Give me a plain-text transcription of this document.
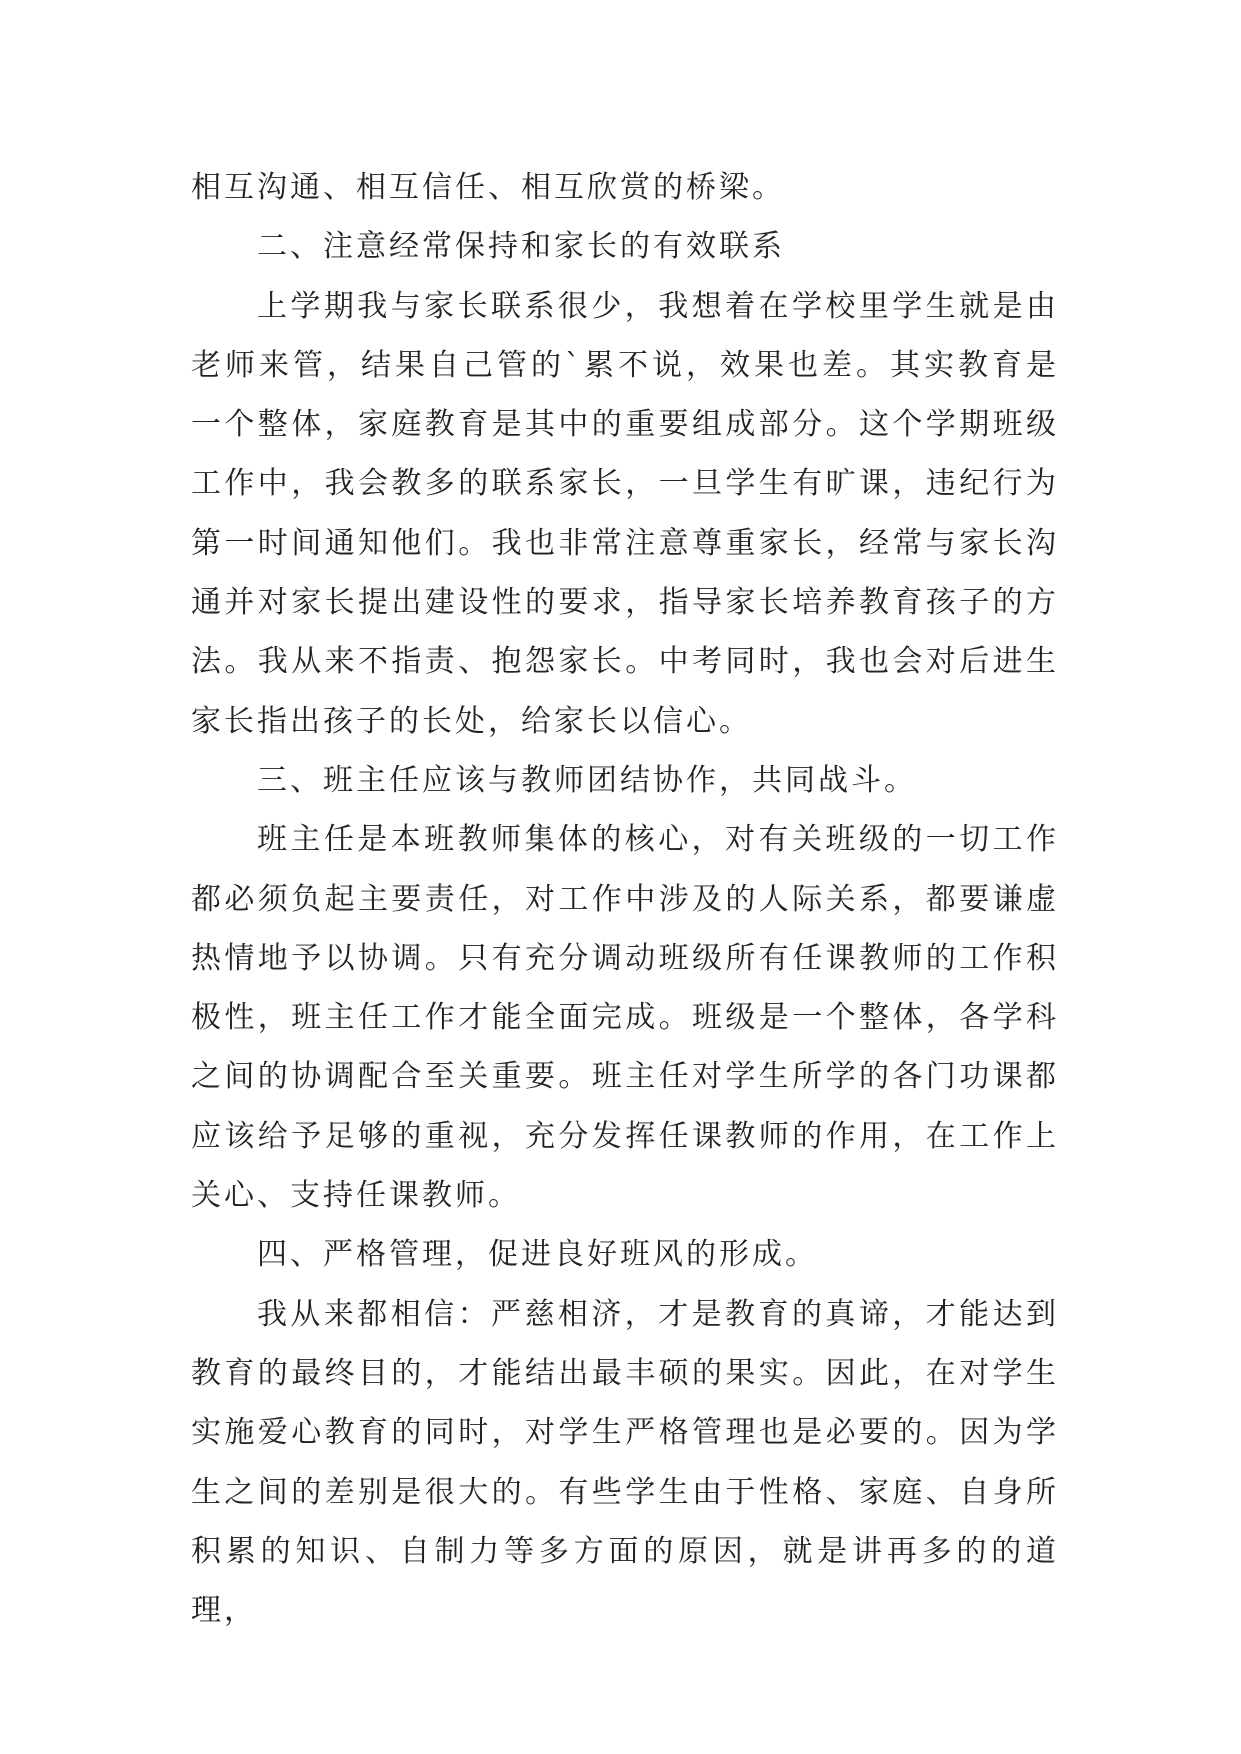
相互沟通、相互信任、相互欣赏的桥梁。

二、注意经常保持和家长的有效联系

上学期我与家长联系很少，我想着在学校里学生就是由老师来管，结果自己管的`累不说，效果也差。其实教育是一个整体，家庭教育是其中的重要组成部分。这个学期班级工作中，我会教多的联系家长，一旦学生有旷课，违纪行为第一时间通知他们。我也非常注意尊重家长，经常与家长沟通并对家长提出建设性的要求，指导家长培养教育孩子的方法。我从来不指责、抱怨家长。中考同时，我也会对后进生家长指出孩子的长处，给家长以信心。

三、班主任应该与教师团结协作，共同战斗。

班主任是本班教师集体的核心，对有关班级的一切工作都必须负起主要责任，对工作中涉及的人际关系，都要谦虚热情地予以协调。只有充分调动班级所有任课教师的工作积极性，班主任工作才能全面完成。班级是一个整体，各学科之间的协调配合至关重要。班主任对学生所学的各门功课都应该给予足够的重视，充分发挥任课教师的作用，在工作上关心、支持任课教师。

四、严格管理，促进良好班风的形成。

我从来都相信：严慈相济，才是教育的真谛，才能达到教育的最终目的，才能结出最丰硕的果实。因此，在对学生实施爱心教育的同时，对学生严格管理也是必要的。因为学生之间的差别是很大的。有些学生由于性格、家庭、自身所积累的知识、自制力等多方面的原因，就是讲再多的的道理，
